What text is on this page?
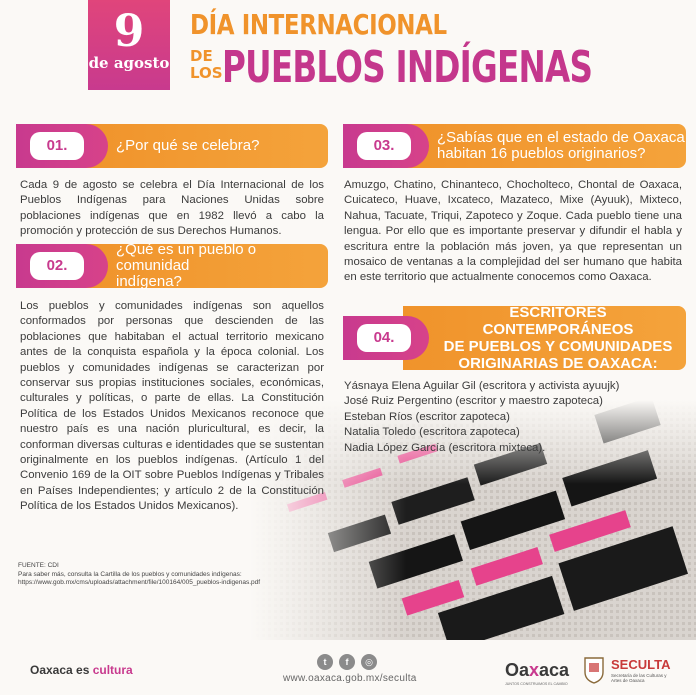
9
de agosto
DÍA INTERNACIONAL
DE
LOS PUEBLOS INDÍGENAS
01.	¿Por qué se celebra?
Cada 9 de agosto se celebra el Día Internacional de los Pueblos Indígenas para Naciones Unidas sobre poblaciones indígenas que en 1982 llevó a cabo la promoción y protección de sus Derechos Humanos.
02.
¿Qué es un pueblo o comunidad
indígena?
Los pueblos y comunidades indígenas son aquellos conformados por personas que descienden de las poblaciones que habitaban el actual territorio mexicano antes de la conquista española y la época colonial. Los pueblos y comunidades indígenas se caracterizan por conservar sus propias instituciones sociales, económicas, culturales y políticas, o parte de ellas. La Constitución Política de los Estados Unidos Mexicanos reconoce que nuestro país es una nación pluricultural, es decir, la conforman diversas culturas e identidades que se sustentan originalmente en los pueblos indígenas. (Artículo 1 del Convenio 169 de la OIT sobre Pueblos Indígenas y Tribales en Países Independientes; y artículo 2 de la Constitución Política de los Estados Unidos Mexicanos).
03.	¿Sabías que en el estado de Oaxaca
habitan 16 pueblos originarios?
Amuzgo, Chatino, Chinanteco, Chocholteco, Chontal de Oaxaca, Cuicateco, Huave, Ixcateco, Mazateco, Mixe (Ayuuk), Mixteco, Nahua, Tacuate, Triqui, Zapoteco y Zoque. Cada pueblo tiene una lengua. Por ello que es importante preservar y difundir el habla y escritura entre la población más joven, ya que representan un mosaico de ventanas a la complejidad del ser humano que habita en este territorio que actualmente conocemos como Oaxaca.
04.
ESCRITORES CONTEMPORÁNEOS
DE PUEBLOS Y COMUNIDADES
ORIGINARIAS DE OAXACA:
Yásnaya Elena Aguilar Gil (escritora y activista ayuujk)
José Ruiz Pergentino (escritor y maestro zapoteca)
Esteban Ríos (escritor zapoteca)
Natalia Toledo (escritora zapoteca)
Nadia López García (escritora mixteca).
FUENTE: CDI
Para saber más, consulta la Cartilla de los pueblos y comunidades indígenas:
https://www.gob.mx/cms/uploads/attachment/file/100164/005_pueblos-indigenas.pdf
Oaxaca es cultura
t	f	◎
www.oaxaca.gob.mx/seculta	Oaxaca
JUNTOS CONSTRUIMOS EL CAMBIO
SECULTA
Secretaría de las Culturas y
Artes de Oaxaca
